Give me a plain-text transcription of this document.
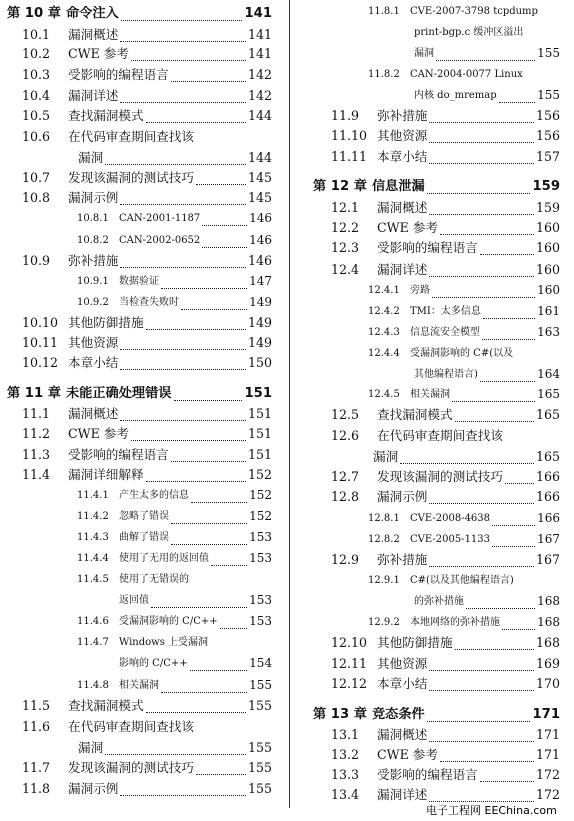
第 10 章 命令注入	141
10.1	漏洞概述	141
10.2	CWE 参考	141
10.3	受影响的编程语言	142
10.4	漏洞详述	142
10.5	查找漏洞模式	144
10.6	在代码审查期间查找该
漏洞	144
10.7	发现该漏洞的测试技巧	145
10.8	漏洞示例	145
10.8.1	CAN-2001-1187	146
10.8.2	CAN-2002-0652	146
10.9	弥补措施	146
10.9.1	数据验证	147
10.9.2	当检查失败时	149
10.10 其他防御措施	149
10.11 其他资源	149
10.12 本章小结	150
第 11 章 未能正确处理错误	151
11.1	漏洞概述	151
11.2	CWE 参考	151
11.3	受影响的编程语言	151
11.4	漏洞详细解释	152
11.4.1	产生太多的信息	152
11.4.2	忽略了错误	152
11.4.3	曲解了错误	153
11.4.4	使用了无用的返回值	153
11.4.5	使用了无错误的
返回值	153
11.4.6	受漏洞影响的 C/C++	153
11.4.7	Windows 上受漏洞
影响的 C/C++	154
11.4.8	相关漏洞	155
11.5	查找漏洞模式	155
11.6	在代码审查期间查找该
漏洞	155
11.7	发现该漏洞的测试技巧	155
11.8	漏洞示例	155
11.8.1	CVE-2007-3798 tcpdump
print-bgp.c 缓冲区溢出
漏洞	155
11.8.2	CAN-2004-0077 Linux
内核 do_mremap	155
11.9	弥补措施	156
11.10 其他资源	156
11.11 本章小结	157
第 12 章 信息泄漏	159
12.1	漏洞概述	159
12.2	CWE 参考	160
12.3	受影响的编程语言	160
12.4	漏洞详述	160
12.4.1	旁路	160
12.4.2	TMI：太多信息	161
12.4.3	信息流安全模型	163
12.4.4	受漏洞影响的 C#(以及
其他编程语言)	164
12.4.5	相关漏洞	165
12.5	查找漏洞模式	165
12.6	在代码审查期间查找该
漏洞	165
12.7	发现该漏洞的测试技巧	166
12.8	漏洞示例	166
12.8.1	CVE-2008-4638	166
12.8.2	CVE-2005-1133	167
12.9	弥补措施	167
12.9.1	C#(以及其他编程语言)
的弥补措施	168
12.9.2	本地网络的弥补措施	168
12.10 其他防御措施	168
12.11 其他资源	169
12.12 本章小结	170
第 13 章 竞态条件	171
13.1	漏洞概述	171
13.2	CWE 参考	171
13.3	受影响的编程语言	172
13.4	漏洞详述	172
电子工程网 EEChina.com
